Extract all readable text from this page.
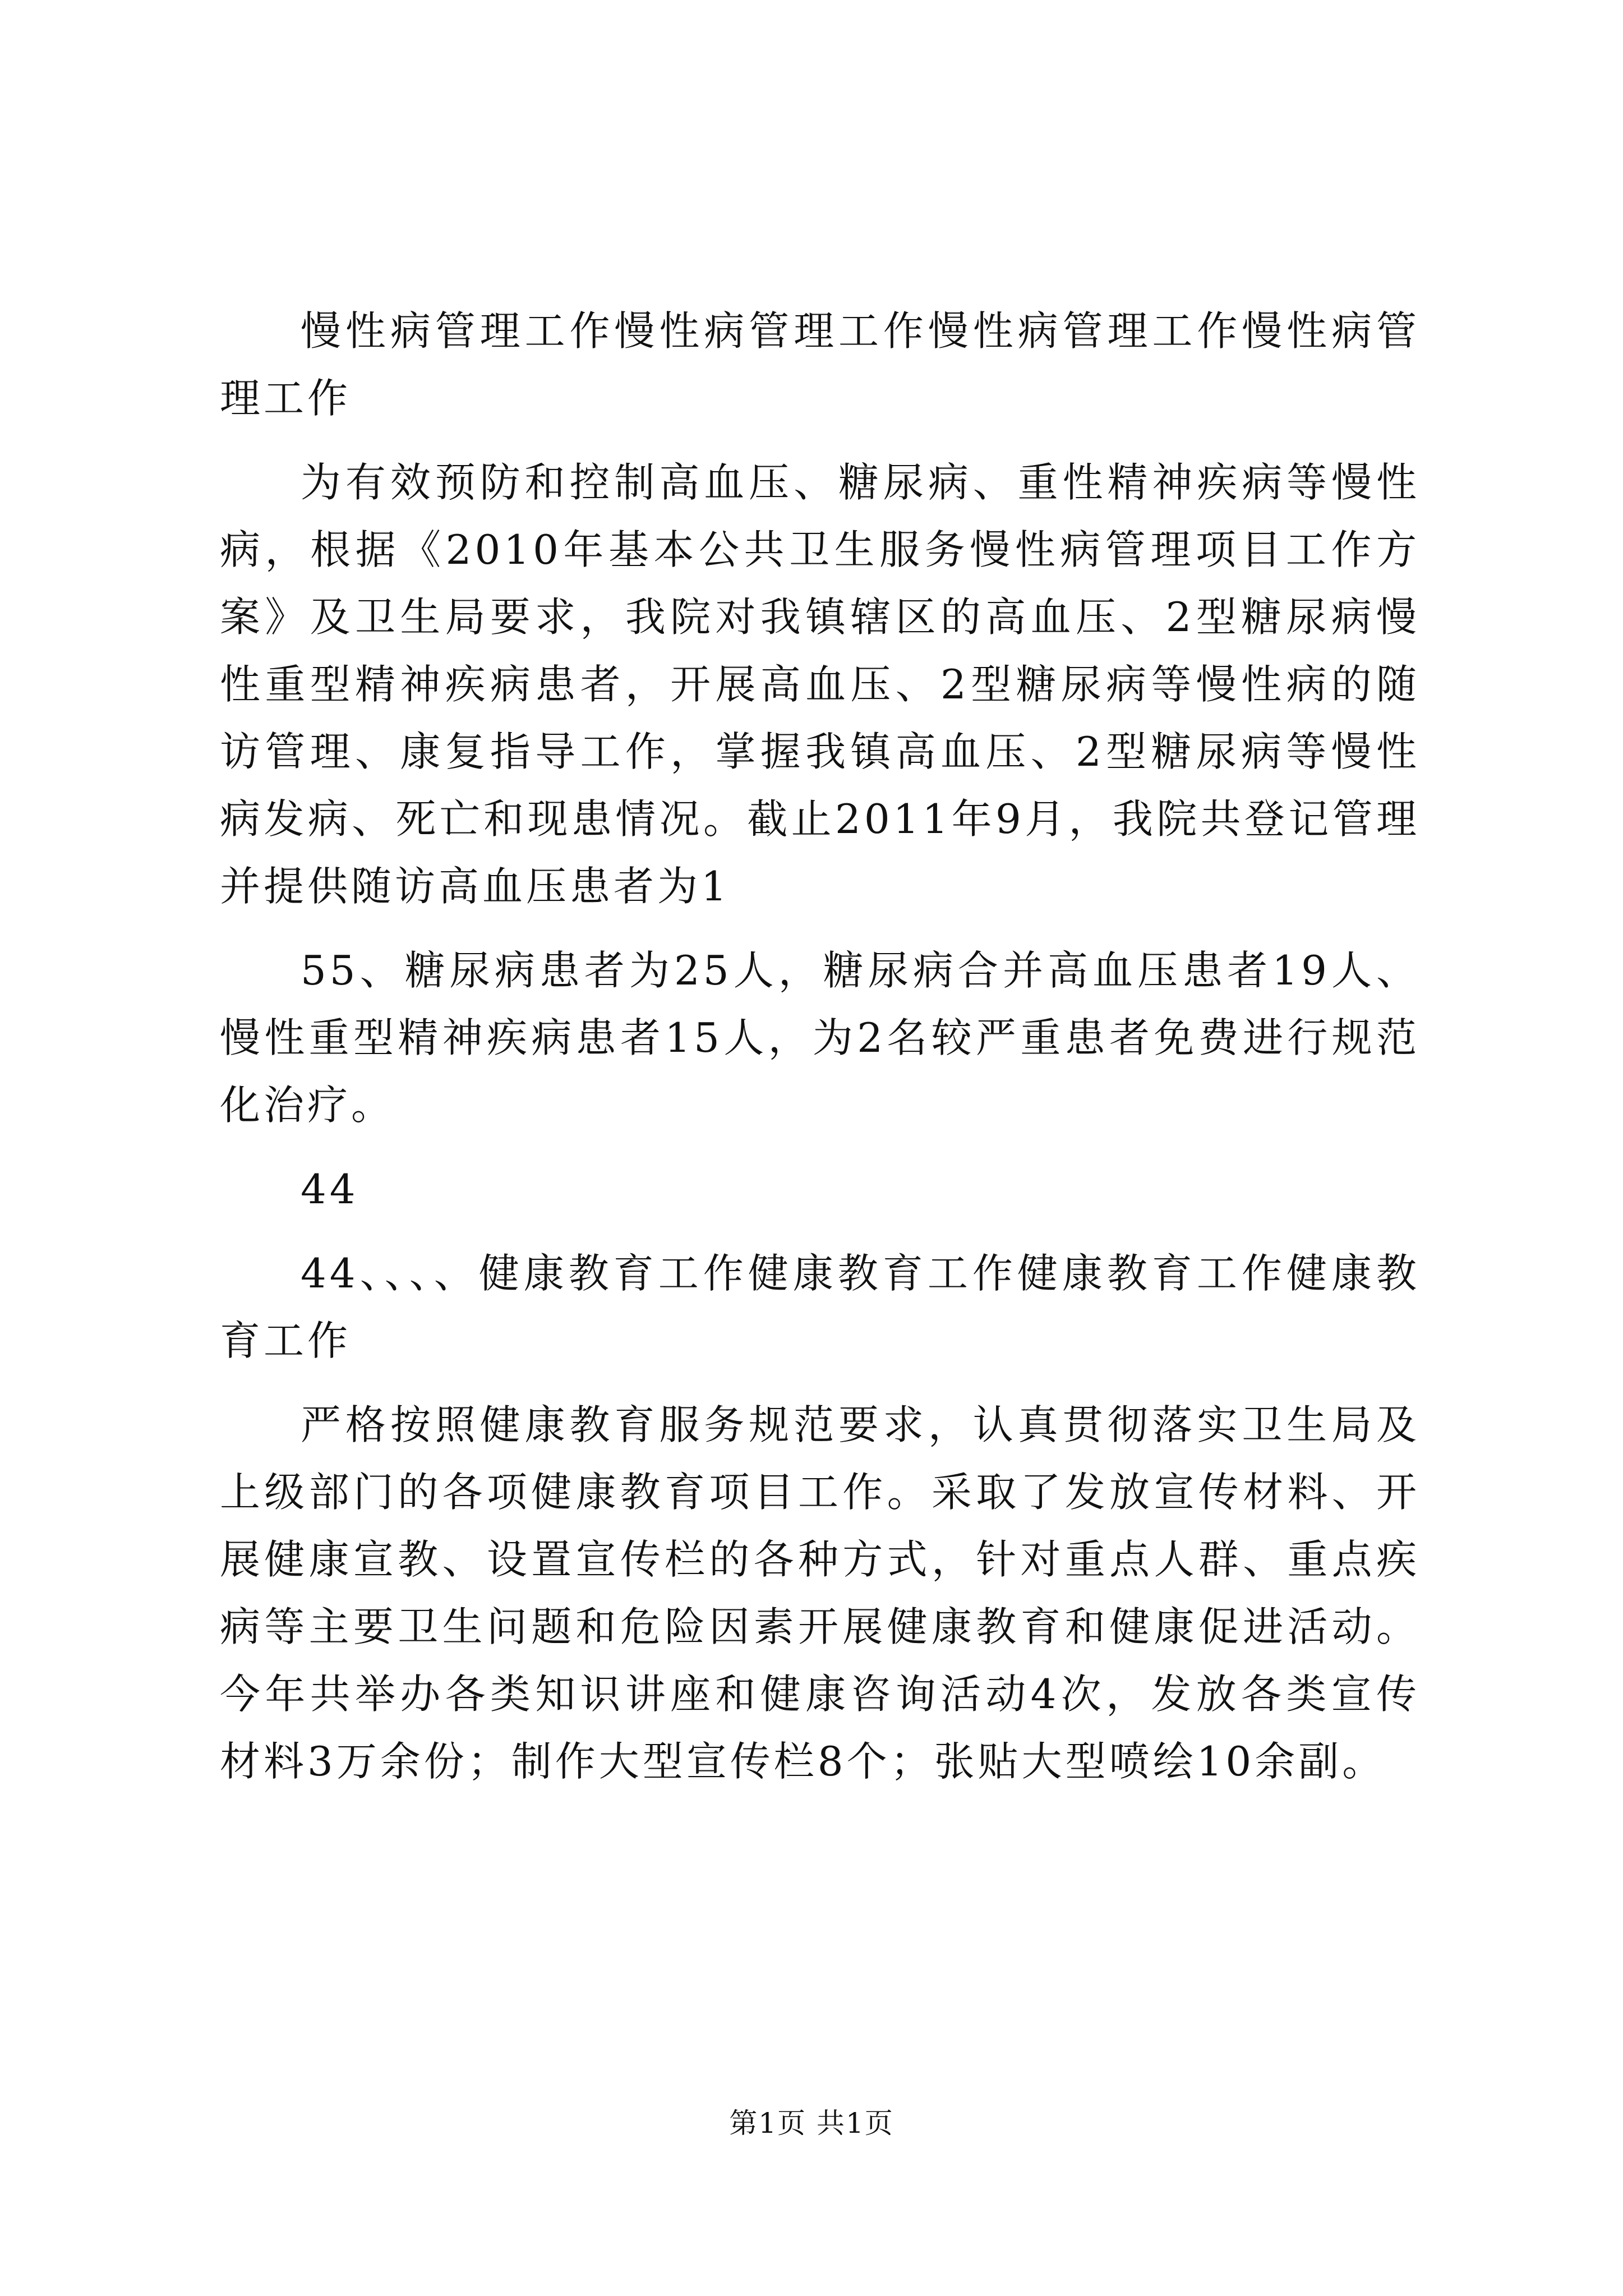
慢性病管理工作慢性病管理工作慢性病管理工作慢性病管理工作

为有效预防和控制高血压、糖尿病、重性精神疾病等慢性病，根据《2010年基本公共卫生服务慢性病管理项目工作方案》及卫生局要求，我院对我镇辖区的高血压、2型糖尿病慢性重型精神疾病患者，开展高血压、2型糖尿病等慢性病的随访管理、康复指导工作，掌握我镇高血压、2型糖尿病等慢性病发病、死亡和现患情况。截止2011年9月，我院共登记管理并提供随访高血压患者为1

55、糖尿病患者为25人，糖尿病合并高血压患者19人、慢性重型精神疾病患者15人，为2名较严重患者免费进行规范化治疗。

44

44、、、、健康教育工作健康教育工作健康教育工作健康教育工作

严格按照健康教育服务规范要求，认真贯彻落实卫生局及上级部门的各项健康教育项目工作。采取了发放宣传材料、开展健康宣教、设置宣传栏的各种方式，针对重点人群、重点疾病等主要卫生问题和危险因素开展健康教育和健康促进活动。今年共举办各类知识讲座和健康咨询活动4次，发放各类宣传材料3万余份；制作大型宣传栏8个；张贴大型喷绘10余副。

第1页 共1页
